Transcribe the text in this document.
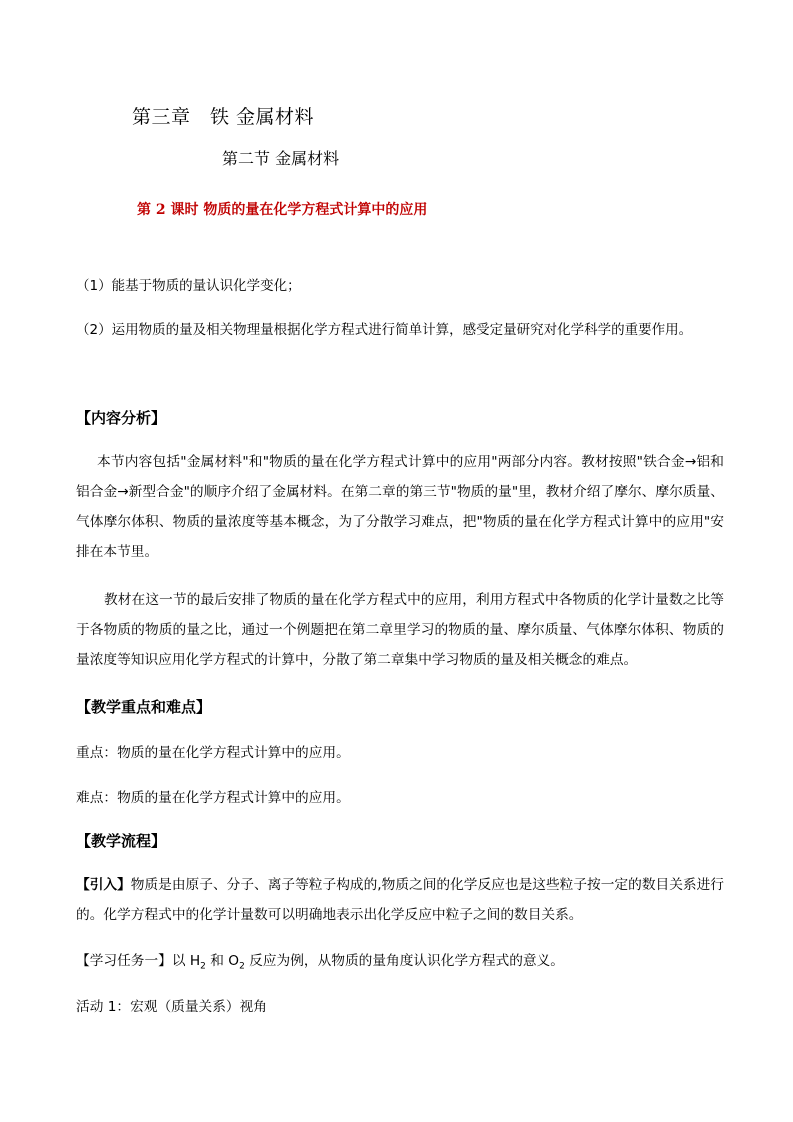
第三章　铁 金属材料
第二节 金属材料
第 2 课时 物质的量在化学方程式计算中的应用
（1）能基于物质的量认识化学变化；
（2）运用物质的量及相关物理量根据化学方程式进行简单计算，感受定量研究对化学科学的重要作用。
【内容分析】
本节内容包括"金属材料"和"物质的量在化学方程式计算中的应用"两部分内容。教材按照"铁合金→铝和铝合金→新型合金"的顺序介绍了金属材料。在第二章的第三节"物质的量"里，教材介绍了摩尔、摩尔质量、气体摩尔体积、物质的量浓度等基本概念，为了分散学习难点，把"物质的量在化学方程式计算中的应用"安排在本节里。
教材在这一节的最后安排了物质的量在化学方程式中的应用，利用方程式中各物质的化学计量数之比等于各物质的物质的量之比，通过一个例题把在第二章里学习的物质的量、摩尔质量、气体摩尔体积、物质的量浓度等知识应用化学方程式的计算中，分散了第二章集中学习物质的量及相关概念的难点。
【教学重点和难点】
重点：物质的量在化学方程式计算中的应用。
难点：物质的量在化学方程式计算中的应用。
【教学流程】
【引入】物质是由原子、分子、离子等粒子构成的,物质之间的化学反应也是这些粒子按一定的数目关系进行的。化学方程式中的化学计量数可以明确地表示出化学反应中粒子之间的数目关系。
【学习任务一】以 $H_2$ 和 $O_2$ 反应为例，从物质的量角度认识化学方程式的意义。
活动 1：宏观（质量关系）视角
